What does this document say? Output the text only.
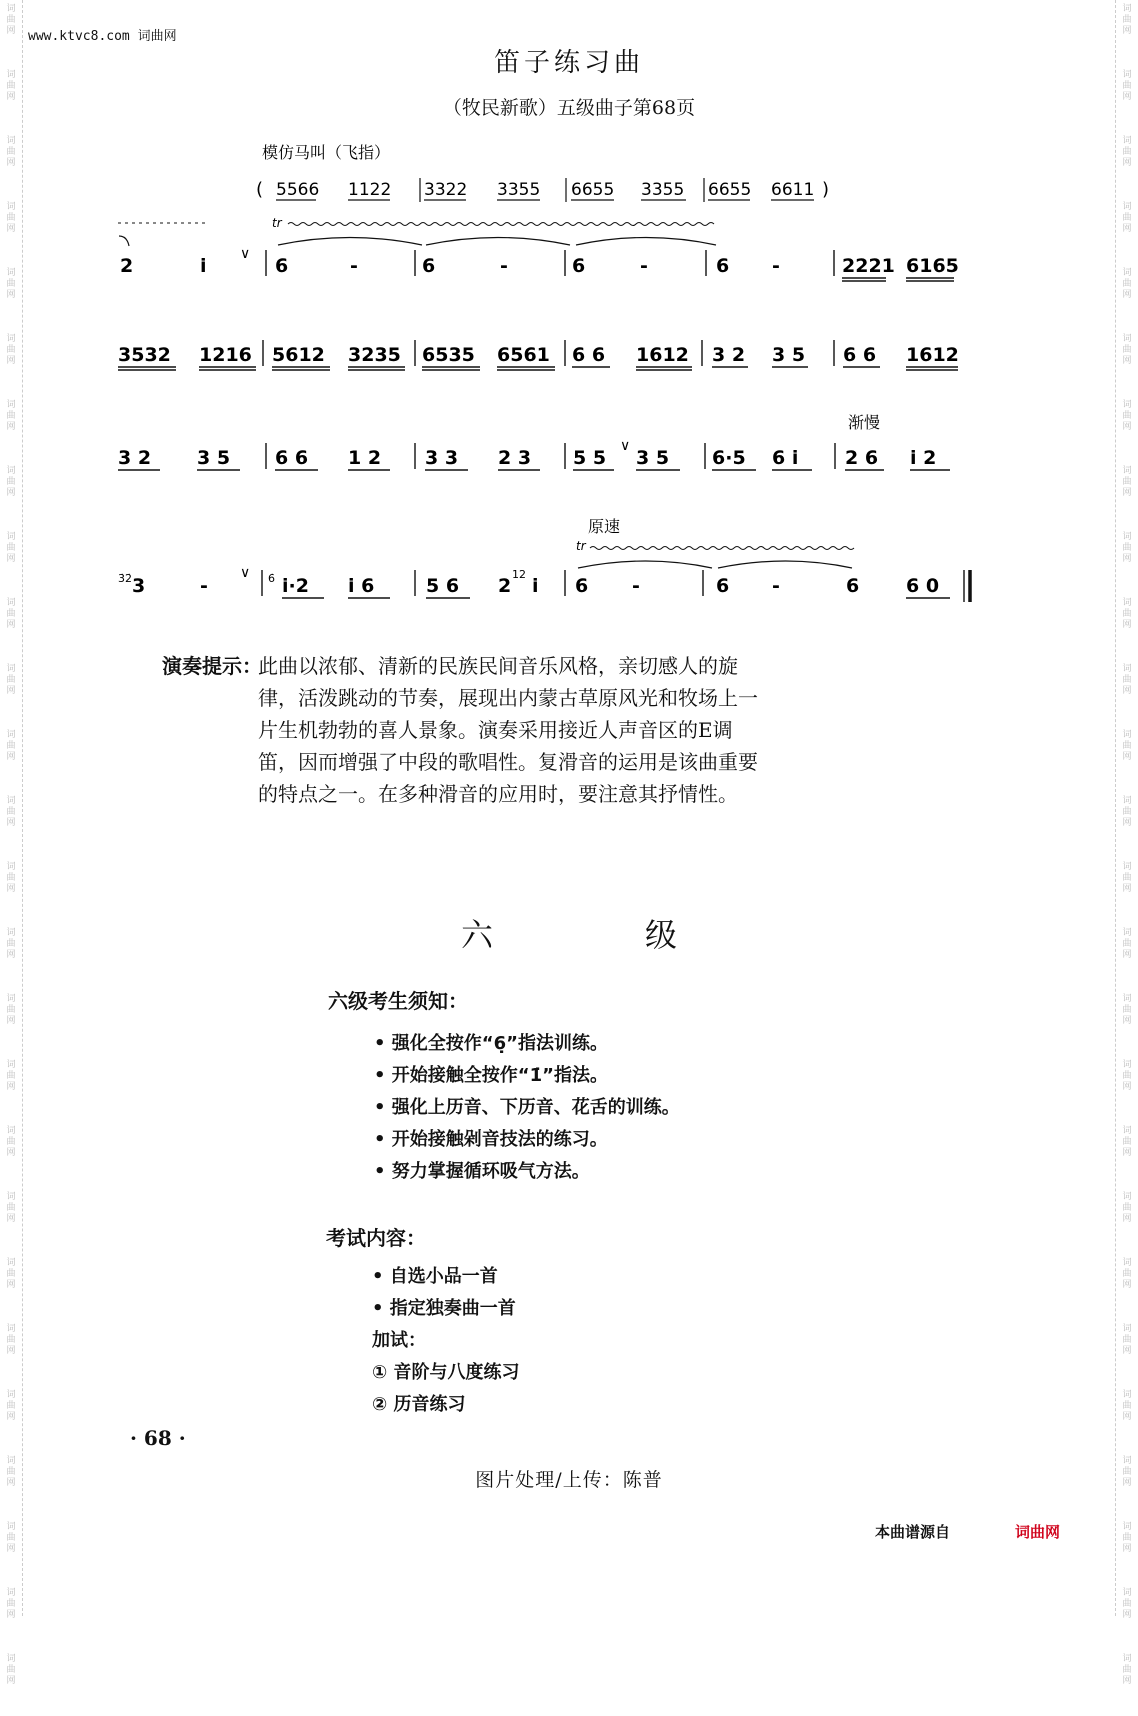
词
曲
网
词
曲
网
词
曲
网
词
曲
网
词
曲
网
词
曲
网
词
曲
网
词
曲
网
词
曲
网
词
曲
网
词
曲
网
词
曲
网
词
曲
网
词
曲
网
词
曲
网
词
曲
网
词
曲
网
词
曲
网
词
曲
网
词
曲
网
词
曲
网
词
曲
网
词
曲
网
词
曲
网
词
曲
网
词
曲
网
词
曲
网
词
曲
网
词
曲
网
词
曲
网
词
曲
网
词
曲
网
词
曲
网
词
曲
网
词
曲
网
词
曲
网
词
曲
网
词
曲
网
词
曲
网
词
曲
网
词
曲
网
词
曲
网
词
曲
网
词
曲
网
词
曲
网
词
曲
网
词
曲
网
词
曲
网
词
曲
网
词
曲
网
词
曲
网
词
曲
网
www.ktvc8.com 词曲网
笛子练习曲
（牧民新歌）五级曲子第68页
模仿马叫（飞指）
( 5566 1122 3322 3355 6655 3355 6655 6611 )
tr
2	i
∨
6	-	6	-	6	-	6 -	2221 6165
3532 1216 5612 3235 6535 6561 6 6 1612 3 2 3 5 6 6 1612
渐慢
3 2 3 5 6 6 1 2 3 3 2 3 5 5
∨
3 5 6·5 6 i 2 6 i 2
原速
tr
3̇2̇	6̇	12
3	-
∨
i·2 i 6	5 6 2 i 6 -	6 -	6 6 0
演奏提示：
此曲以浓郁、清新的民族民间音乐风格，亲切感人的旋律，活泼跳动的节奏，展现出内蒙古草原风光和牧场上一片生机勃勃的喜人景象。演奏采用接近人声音区的E调笛，因而增强了中段的歌唱性。复滑音的运用是该曲重要的特点之一。在多种滑音的应用时，要注意其抒情性。
六　级
六级考生须知：
• 强化全按作“6̣”指法训练。
• 开始接触全按作“1̇”指法。
• 强化上历音、下历音、花舌的训练。
• 开始接触剁音技法的练习。
• 努力掌握循环吸气方法。
考试内容：
• 自选小品一首
• 指定独奏曲一首
加试：
① 音阶与八度练习
② 历音练习
· 68 ·
图片处理/上传：陈普
本曲谱源自	词曲网
